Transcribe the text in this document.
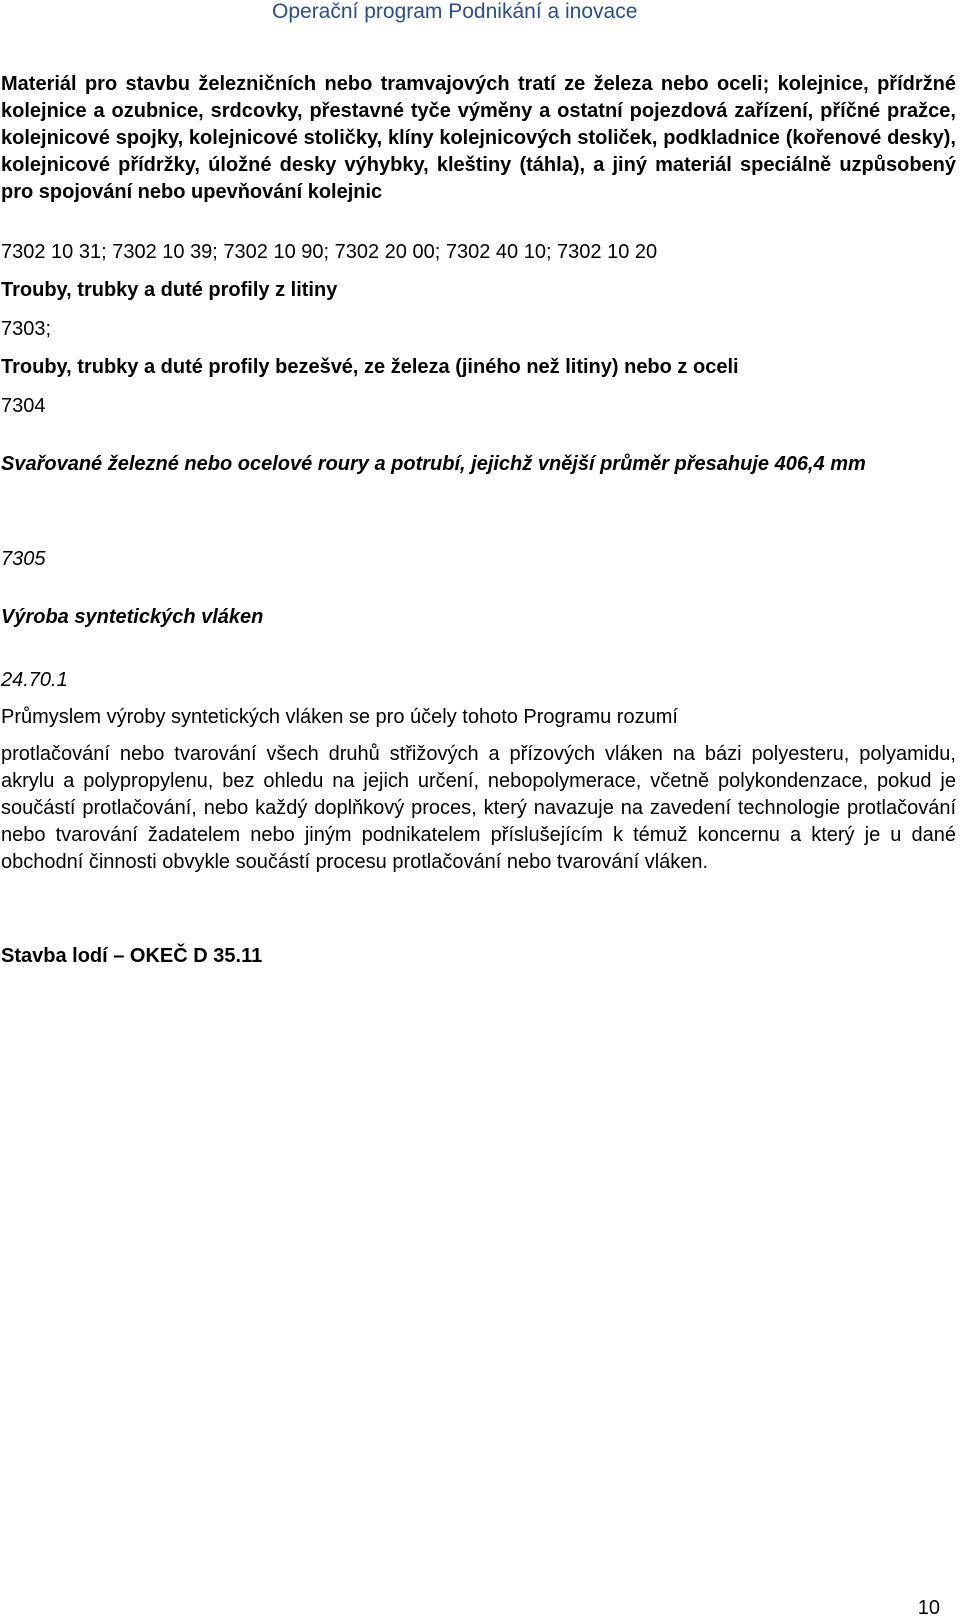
Operační program Podnikání a inovace
Materiál pro stavbu železničních nebo tramvajových tratí ze železa nebo oceli; kolejnice, přídržné kolejnice a ozubnice, srdcovky, přestavné tyče výměny a ostatní pojezdová zařízení, příčné pražce, kolejnicové spojky, kolejnicové stoličky, klíny kolejnicových stoliček, podkladnice (kořenové desky), kolejnicové přídržky, úložné desky výhybky, kleštiny (táhla), a jiný materiál speciálně uzpůsobený pro spojování nebo upevňování kolejnic
7302 10 31; 7302 10 39; 7302 10 90; 7302 20 00; 7302 40 10; 7302 10 20
Trouby, trubky a duté profily z litiny
7303;
Trouby, trubky a duté profily bezešvé, ze železa (jiného než litiny) nebo z oceli
7304
Svařované železné nebo ocelové roury a potrubí, jejichž vnější průměr přesahuje 406,4 mm
7305
Výroba syntetických vláken
24.70.1
Průmyslem výroby syntetických vláken se pro účely tohoto Programu rozumí
protlačování nebo tvarování všech druhů střižových a přízových vláken na bázi polyesteru, polyamidu, akrylu a polypropylenu, bez ohledu na jejich určení, nebopolymerace, včetně polykondenzace, pokud je součástí protlačování, nebo každý doplňkový proces, který navazuje na zavedení technologie protlačování nebo tvarování žadatelem nebo jiným podnikatelem příslušejícím k témuž koncernu a který je u dané obchodní činnosti obvykle součástí procesu protlačování nebo tvarování vláken.
Stavba lodí – OKEČ D 35.11
10
